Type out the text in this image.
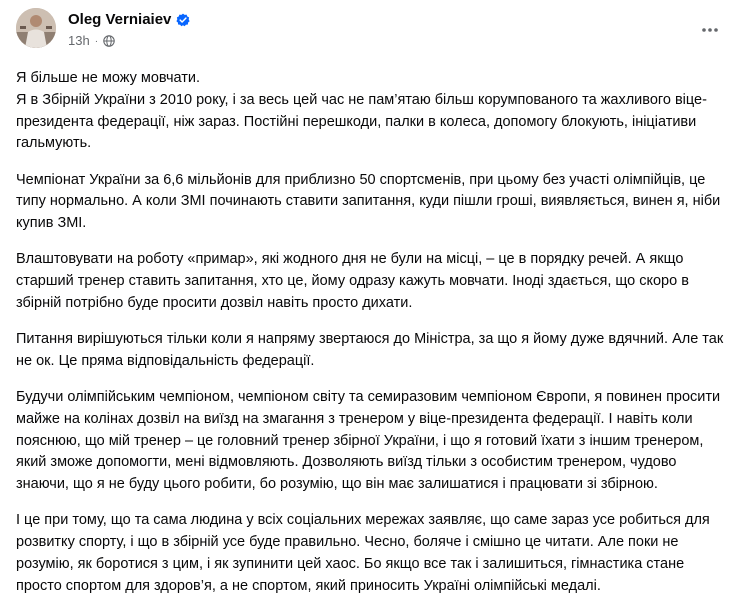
Oleg Verniaiev
13h ·

Я більше не можу мовчати.
Я в Збірній України з 2010 року, і за весь цей час не пам’ятаю більш корумпованого та жахливого віце-президента федерації, ніж зараз. Постійні перешкоди, палки в колеса, допомогу блокують, ініціативи гальмують.

Чемпіонат України за 6,6 мільйонів для приблизно 50 спортсменів, при цьому без участі олімпійців, це типу нормально. А коли ЗМІ починають ставити запитання, куди пішли гроші, виявляється, винен я, ніби купив ЗМІ.

Влаштовувати на роботу «примар», які жодного дня не були на місці, – це в порядку речей. А якщо старший тренер ставить запитання, хто це, йому одразу кажуть мовчати. Іноді здається, що скоро в збірній потрібно буде просити дозвіл навіть просто дихати.

Питання вирішуються тільки коли я напряму звертаюся до Міністра, за що я йому дуже вдячний. Але так не ок. Це пряма відповідальність федерації.

Будучи олімпійським чемпіоном, чемпіоном світу та семиразовим чемпіоном Європи, я повинен просити майже на колінах дозвіл на виїзд на змагання з тренером у віце-президента федерації. І навіть коли пояснюю, що мій тренер – це головний тренер збірної України, і що я готовий їхати з іншим тренером, який зможе допомогти, мені відмовляють. Дозволяють виїзд тільки з особистим тренером, чудово знаючи, що я не буду цього робити, бо розумію, що він має залишатися і працювати зі збірною.

І це при тому, що та сама людина у всіх соціальних мережах заявляє, що саме зараз усе робиться для розвитку спорту, і що в збірній усе буде правильно. Чесно, боляче і смішно це читати. Але поки не розумію, як боротися з цим, і як зупинити цей хаос. Бо якщо все так і залишиться, гімнастика стане просто спортом для здоров’я, а не спортом, який приносить Україні олімпійські медалі.
